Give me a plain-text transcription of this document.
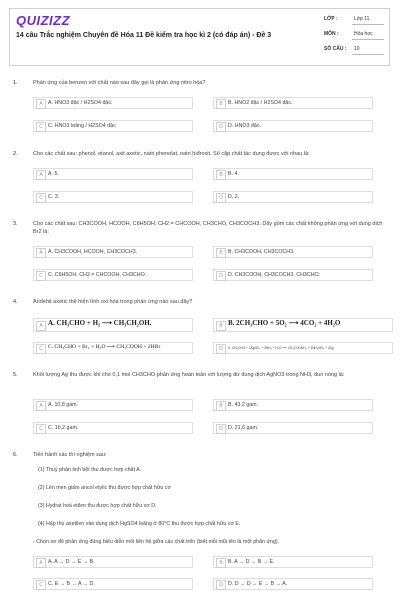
QUIZIZZ
14 câu Trắc nghiệm Chuyên đề Hóa 11 Đề kiểm tra học kì 2 (có đáp án) - Đề 3
LỚP :	Lớp 11
MÔN :	Hóa học
SỐ CÂU : 10
1.	Phản ứng của benzen với chất nào sau đây gọi là phản ứng nitro hóa?
A	A. HNO3 đặc / H2SO4 đặc.	B	B. HNO2 đặc / H2SO4 đặc.
C C. HNO3 loãng / H2SO4 đặc	D D. HNO3 đặc.
2.	Cho các chất sau: phenol, etanol, axit axetic, natri phenolat, natri hiđroxit. Số cặp chất tác dụng được với nhau là:
A	A. 5.	B	B. 4.
C C. 3.	D D. 2.
3.	Cho các chất sau: CH3COOH, HCOOH, C6H5OH, CH2 = CHCOOH, CH3CHO, CH3COCH3. Dãy gồm các chất không phản ứng với dung dịch Br2 là:
A	A. CH3COOH, HCOOH, CH3COCH3.	B	B. CH3COOH, CH3COCH3.
C C. C6H5OH, CH2 = CHCOOH, CH3CHO.	D D. CH3COOH, CH3COCH3, CH3CHO.
4.	Anđehit axetic thể hiện tính oxi hóa trong phản ứng nào sau đây?
A A. CH₃CHO + H₂ ⟶ CH₃CH₂OH.	B B. 2CH₃CHO + 5O₂ ⟶ 4CO₂ + 4H₂O
C C. CH₃CHO + Br₂ + H₂O ⟶ CH₃COOH + 2HBr	D	D. CH₃CHO + 2AgNO₃ + 3NH₃ + H₂O ⟶ CH₃COONH₄ + 2NH₄NO₃ + 2Ag
5.	Khối lượng Ag thu được khi cho 0,1 mol CH3CHO phản ứng hoàn toàn với lượng dư dung dịch AgNO3 trong NH3, đun nóng là:
A	A. 10,8 gam.	B	B. 43,2 gam.
C C. 16,2 gam.	D D. 21,6 gam.
6.	Tiến hành các thí nghiệm sau:
(1) Thuỷ phân tinh bột thu được hợp chất A.
(2) Lên men giấm ancol etylic thu được hợp chất hữu cơ
(3) Hyđrat hoá etilen thu được hợp chất hữu cơ D.
(4) Hấp thụ axetilen vào dung dịch HgSO4 loãng ở 80°C thu được hợp chất hữu cơ E.
- Chọn sơ đồ phản ứng đúng biểu diễn mối liên hệ giữa các chất trên (biết mỗi mũi tên là một phản ứng).
A	A. A → D → E → B.	B	B. A → D → B → E.
C C. E → B → A → D.	D D. D → D → E → B → A.
